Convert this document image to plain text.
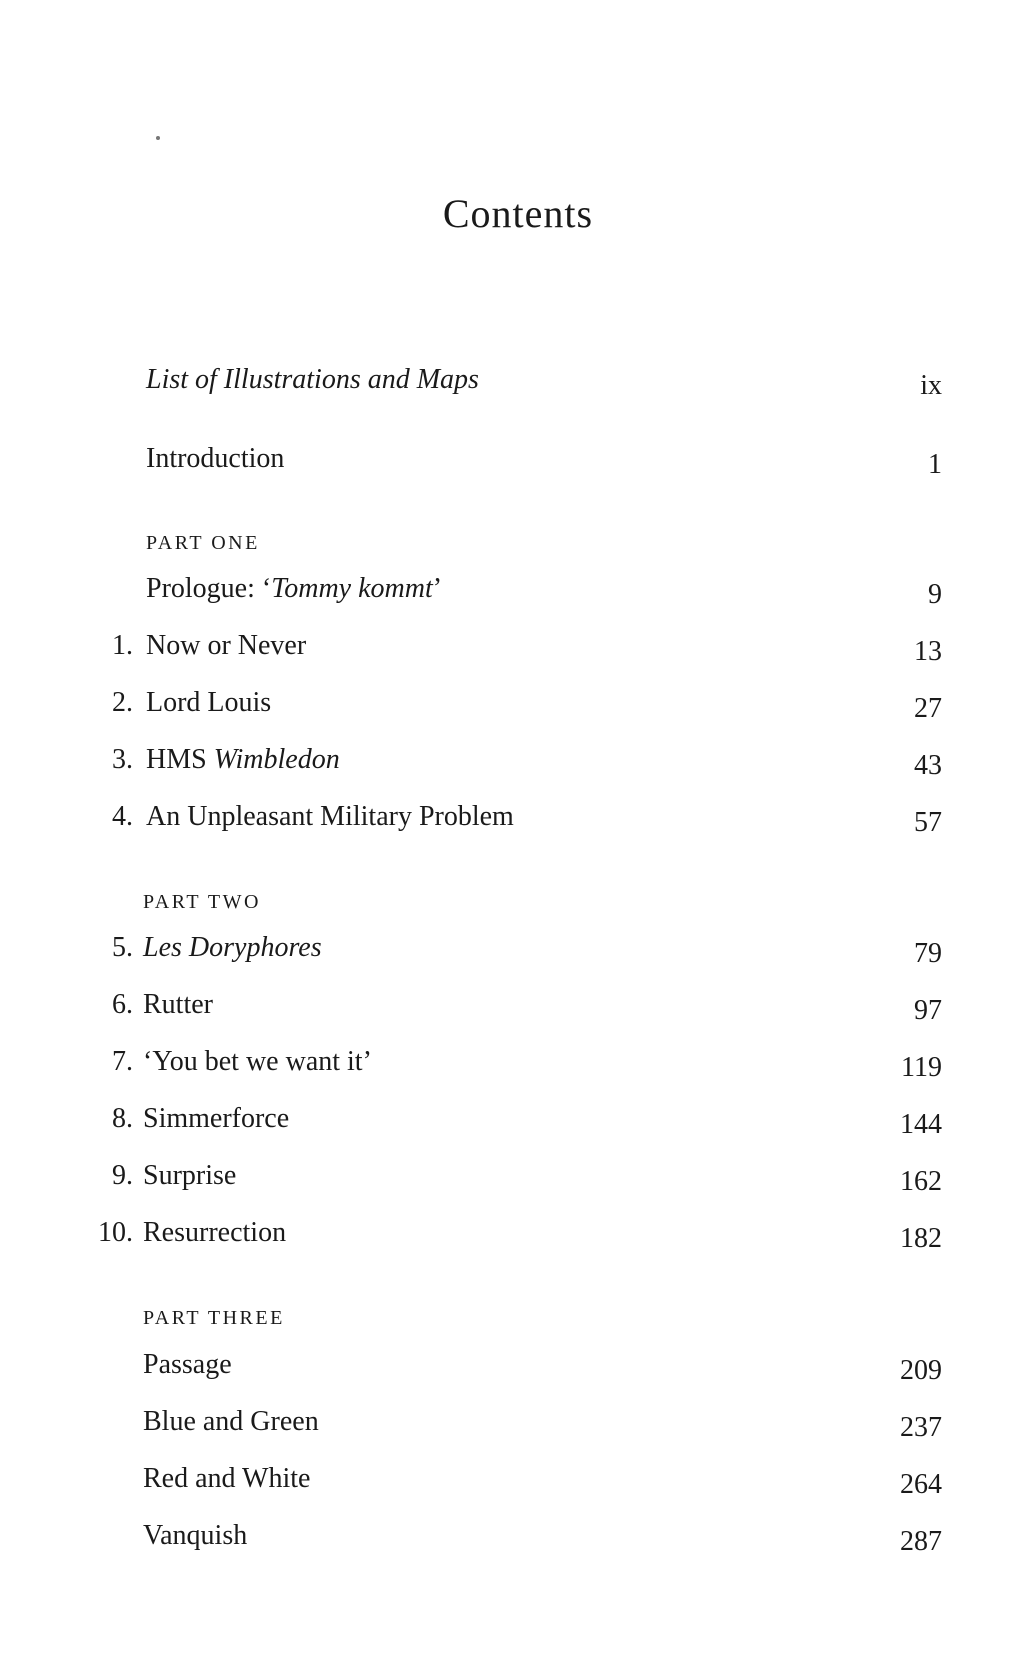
Contents
List of Illustrations and Maps	ix
Introduction	1
PART ONE
Prologue: ‘Tommy kommt’	9
1. Now or Never	13
2. Lord Louis	27
3. HMS Wimbledon	43
4. An Unpleasant Military Problem	57
PART TWO
5. Les Doryphores	79
6. Rutter	97
7. ‘You bet we want it’	119
8. Simmerforce	144
9. Surprise	162
10. Resurrection	182
PART THREE
Passage	209
Blue and Green	237
Red and White	264
Vanquish	287
